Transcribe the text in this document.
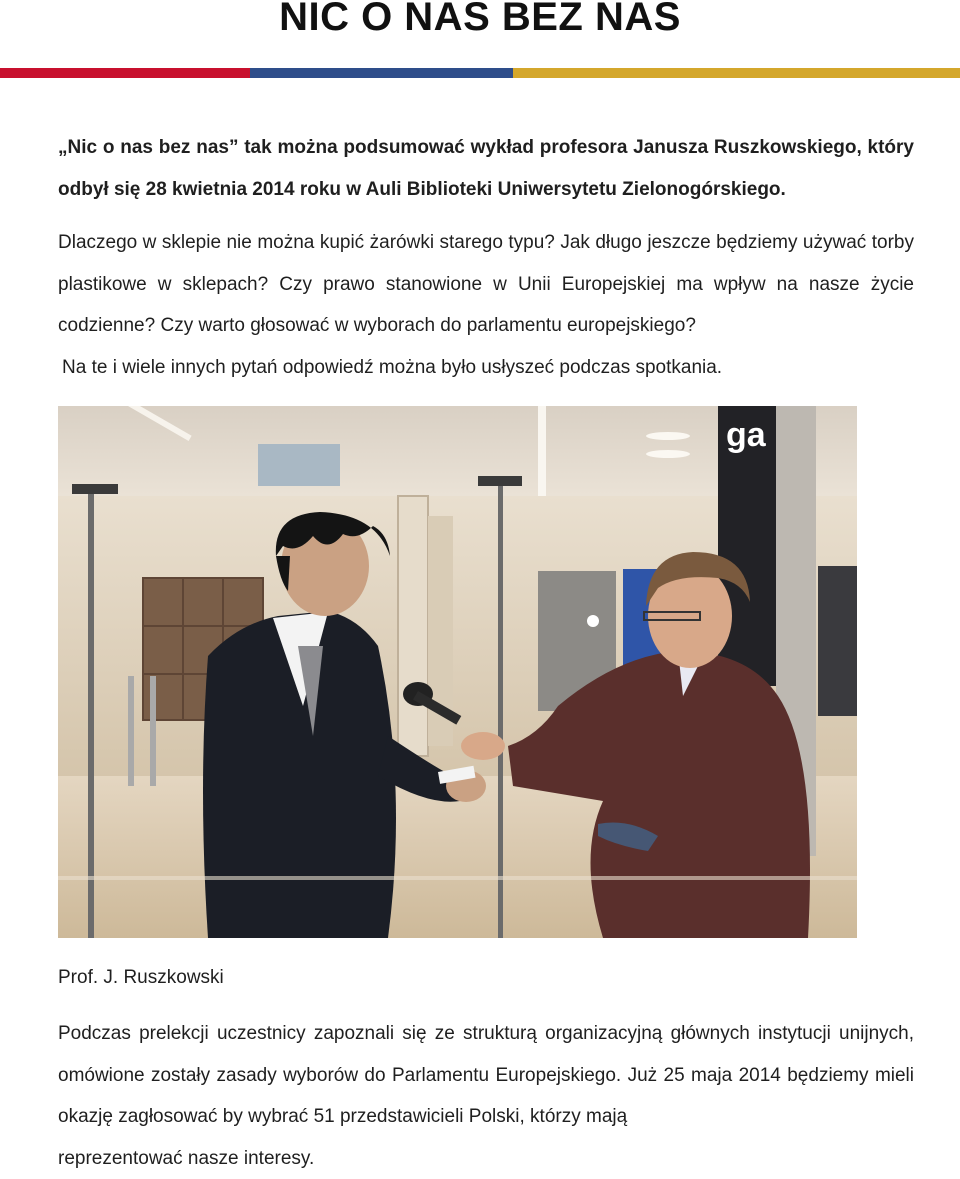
NIC O NAS BEZ NAS

„Nic o nas bez nas” tak można podsumować wykład profesora Janusza Ruszkowskiego, który odbył się 28 kwietnia 2014 roku w Auli Biblioteki Uniwersytetu Zielonogórskiego.

Dlaczego w sklepie nie można kupić żarówki starego typu? Jak długo jeszcze będziemy używać torby plastikowe w sklepach? Czy prawo stanowione w Unii Europejskiej ma wpływ na nasze życie codzienne? Czy warto głosować w wyborach do parlamentu europejskiego?
Na te i wiele innych pytań odpowiedź można było usłyszeć podczas spotkania.
ga

Prof. J. Ruszkowski

Podczas prelekcji uczestnicy zapoznali się ze strukturą organizacyjną głównych instytucji unijnych, omówione zostały zasady wyborów do Parlamentu Europejskiego. Już 25 maja 2014 będziemy mieli okazję zagłosować by wybrać 51 przedstawicieli Polski, którzy mają
reprezentować nasze interesy.
